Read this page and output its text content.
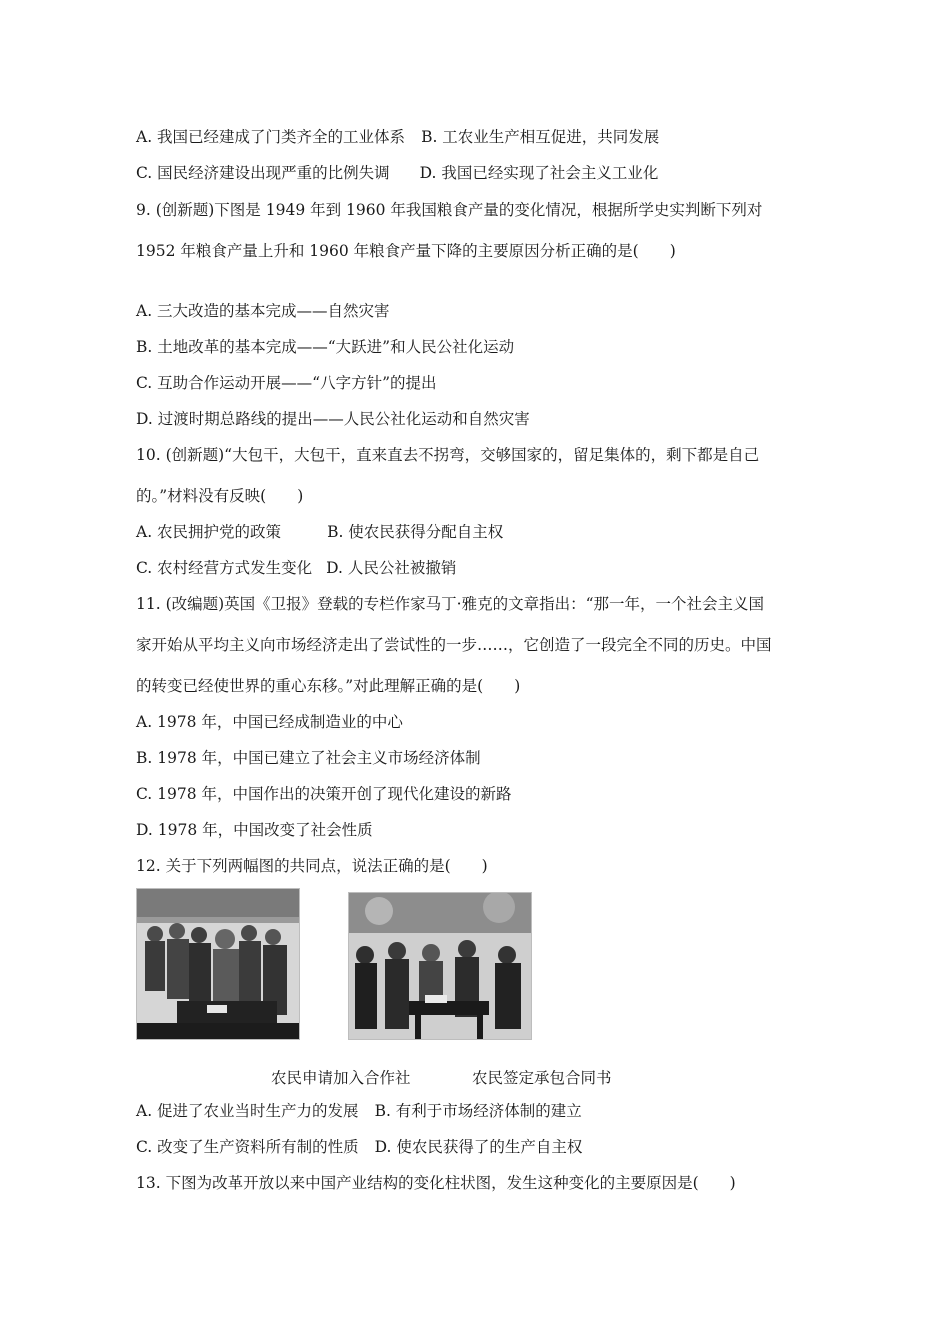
A. 我国已经建成了门类齐全的工业体系 B. 工农业生产相互促进，共同发展
C. 国民经济建设出现严重的比例失调 D. 我国已经实现了社会主义工业化
9. (创新题)下图是 1949 年到 1960 年我国粮食产量的变化情况，根据所学史实判断下列对
1952 年粮食产量上升和 1960 年粮食产量下降的主要原因分析正确的是(　　)
A. 三大改造的基本完成——自然灾害
B. 土地改革的基本完成——“大跃进”和人民公社化运动
C. 互助合作运动开展——“八字方针”的提出
D. 过渡时期总路线的提出——人民公社化运动和自然灾害
10. (创新题)“大包干，大包干，直来直去不拐弯，交够国家的，留足集体的，剩下都是自己
的。”材料没有反映(　　)
A. 农民拥护党的政策	B. 使农民获得分配自主权
C. 农村经营方式发生变化 D. 人民公社被撤销
11. (改编题)英国《卫报》登载的专栏作家马丁·雅克的文章指出：“那一年，一个社会主义国
家开始从平均主义向市场经济走出了尝试性的一步……，它创造了一段完全不同的历史。中国
的转变已经使世界的重心东移。”对此理解正确的是(　　)
A. 1978 年，中国已经成制造业的中心
B. 1978 年，中国已建立了社会主义市场经济体制
C. 1978 年，中国作出的决策开创了现代化建设的新路
D. 1978 年，中国改变了社会性质
12. 关于下列两幅图的共同点，说法正确的是(　　)
农民申请加入合作社	农民签定承包合同书
A. 促进了农业当时生产力的发展 B. 有利于市场经济体制的建立
C. 改变了生产资料所有制的性质 D. 使农民获得了的生产自主权
13. 下图为改革开放以来中国产业结构的变化柱状图，发生这种变化的主要原因是(　　)
